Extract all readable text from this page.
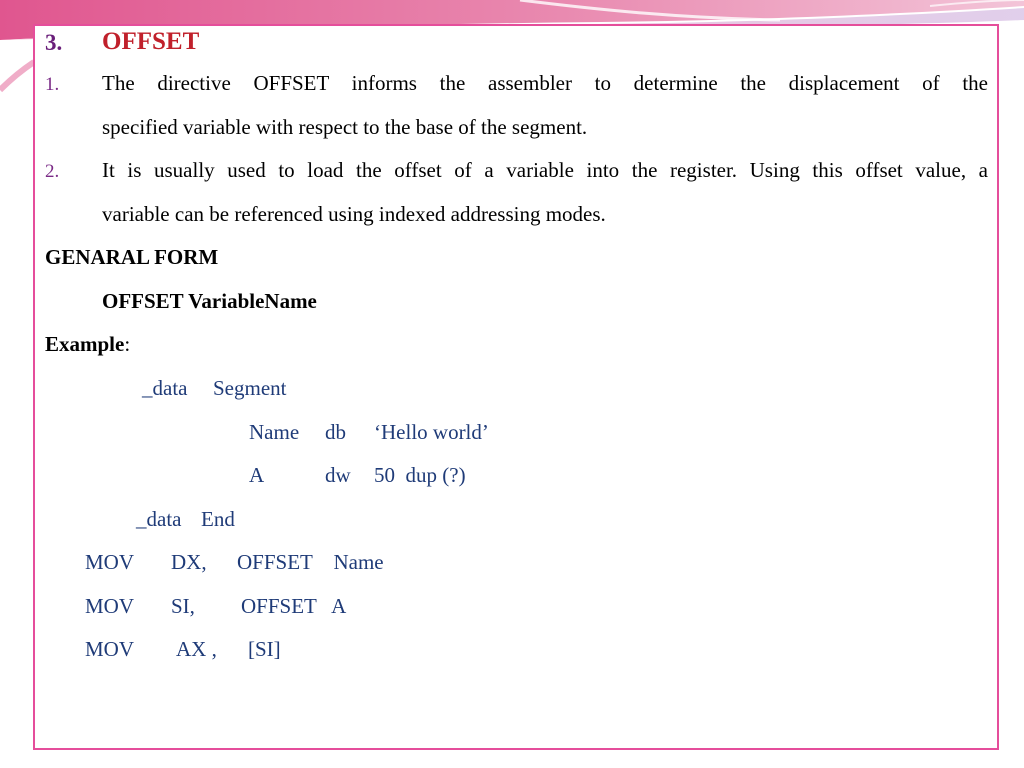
3. OFFSET
1. The directive OFFSET informs the assembler to determine the displacement of the
specified variable with respect to the base of the segment.
2. It is usually used to load the offset of a variable into the register. Using this offset value, a
variable can be referenced using indexed addressing modes.
GENARAL FORM
OFFSET VariableName
Example:
_data Segment
Name db ‘Hello world’
A	dw 50  dup (?)
_data End
MOV DX, OFFSET    Name
MOV SI, OFFSET   A
MOV AX , [SI]
